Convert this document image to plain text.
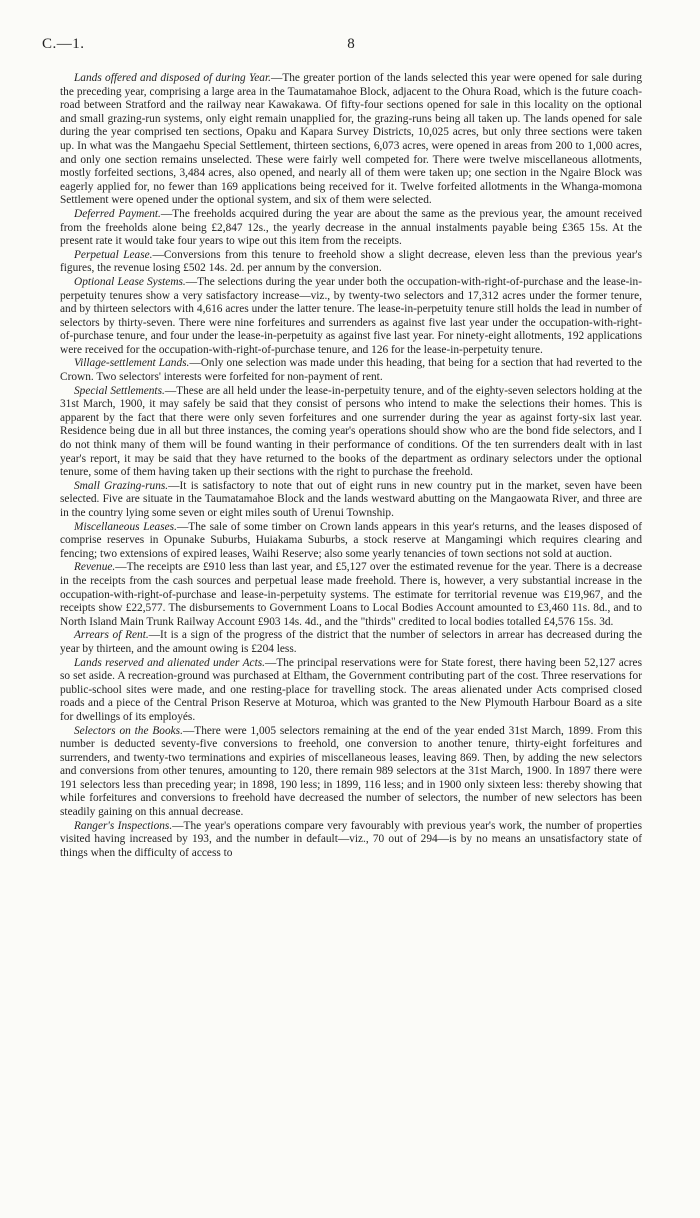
C.—1.	8

Lands offered and disposed of during Year.—The greater portion of the lands selected this year were opened for sale during the preceding year, comprising a large area in the Taumatamahoe Block, adjacent to the Ohura Road, which is the future coach-road between Stratford and the railway near Kawakawa. Of fifty-four sections opened for sale in this locality on the optional and small grazing-run systems, only eight remain unapplied for, the grazing-runs being all taken up. The lands opened for sale during the year comprised ten sections, Opaku and Kapara Survey Districts, 10,025 acres, but only three sections were taken up. In what was the Mangaehu Special Settlement, thirteen sections, 6,073 acres, were opened in areas from 200 to 1,000 acres, and only one section remains unselected. These were fairly well competed for. There were twelve miscellaneous allotments, mostly forfeited sections, 3,484 acres, also opened, and nearly all of them were taken up; one section in the Ngaire Block was eagerly applied for, no fewer than 169 applications being received for it. Twelve forfeited allotments in the Whanga-momona Settlement were opened under the optional system, and six of them were selected.

Deferred Payment.—The freeholds acquired during the year are about the same as the previous year, the amount received from the freeholds alone being £2,847 12s., the yearly decrease in the annual instalments payable being £365 15s. At the present rate it would take four years to wipe out this item from the receipts.

Perpetual Lease.—Conversions from this tenure to freehold show a slight decrease, eleven less than the previous year's figures, the revenue losing £502 14s. 2d. per annum by the conversion.

Optional Lease Systems.—The selections during the year under both the occupation-with-right-of-purchase and the lease-in-perpetuity tenures show a very satisfactory increase—viz., by twenty-two selectors and 17,312 acres under the former tenure, and by thirteen selectors with 4,616 acres under the latter tenure. The lease-in-perpetuity tenure still holds the lead in number of selectors by thirty-seven. There were nine forfeitures and surrenders as against five last year under the occupation-with-right-of-purchase tenure, and four under the lease-in-perpetuity as against five last year. For ninety-eight allotments, 192 applications were received for the occupation-with-right-of-purchase tenure, and 126 for the lease-in-perpetuity tenure.

Village-settlement Lands.—Only one selection was made under this heading, that being for a section that had reverted to the Crown. Two selectors' interests were forfeited for non-payment of rent.

Special Settlements.—These are all held under the lease-in-perpetuity tenure, and of the eighty-seven selectors holding at the 31st March, 1900, it may safely be said that they consist of persons who intend to make the selections their homes. This is apparent by the fact that there were only seven forfeitures and one surrender during the year as against forty-six last year. Residence being due in all but three instances, the coming year's operations should show who are the bond fide selectors, and I do not think many of them will be found wanting in their performance of conditions. Of the ten surrenders dealt with in last year's report, it may be said that they have returned to the books of the department as ordinary selectors under the optional tenure, some of them having taken up their sections with the right to purchase the freehold.

Small Grazing-runs.—It is satisfactory to note that out of eight runs in new country put in the market, seven have been selected. Five are situate in the Taumatamahoe Block and the lands westward abutting on the Mangaowata River, and three are in the country lying some seven or eight miles south of Urenui Township.

Miscellaneous Leases.—The sale of some timber on Crown lands appears in this year's returns, and the leases disposed of comprise reserves in Opunake Suburbs, Huiakama Suburbs, a stock reserve at Mangamingi which requires clearing and fencing; two extensions of expired leases, Waihi Reserve; also some yearly tenancies of town sections not sold at auction.

Revenue.—The receipts are £910 less than last year, and £5,127 over the estimated revenue for the year. There is a decrease in the receipts from the cash sources and perpetual lease made freehold. There is, however, a very substantial increase in the occupation-with-right-of-purchase and lease-in-perpetuity systems. The estimate for territorial revenue was £19,967, and the receipts show £22,577. The disbursements to Government Loans to Local Bodies Account amounted to £3,460 11s. 8d., and to North Island Main Trunk Railway Account £903 14s. 4d., and the "thirds" credited to local bodies totalled £4,576 15s. 3d.

Arrears of Rent.—It is a sign of the progress of the district that the number of selectors in arrear has decreased during the year by thirteen, and the amount owing is £204 less.

Lands reserved and alienated under Acts.—The principal reservations were for State forest, there having been 52,127 acres so set aside. A recreation-ground was purchased at Eltham, the Government contributing part of the cost. Three reservations for public-school sites were made, and one resting-place for travelling stock. The areas alienated under Acts comprised closed roads and a piece of the Central Prison Reserve at Moturoa, which was granted to the New Plymouth Harbour Board as a site for dwellings of its employés.

Selectors on the Books.—There were 1,005 selectors remaining at the end of the year ended 31st March, 1899. From this number is deducted seventy-five conversions to freehold, one conversion to another tenure, thirty-eight forfeitures and surrenders, and twenty-two terminations and expiries of miscellaneous leases, leaving 869. Then, by adding the new selectors and conversions from other tenures, amounting to 120, there remain 989 selectors at the 31st March, 1900. In 1897 there were 191 selectors less than preceding year; in 1898, 190 less; in 1899, 116 less; and in 1900 only sixteen less: thereby showing that while forfeitures and conversions to freehold have decreased the number of selectors, the number of new selectors has been steadily gaining on this annual decrease.

Ranger's Inspections.—The year's operations compare very favourably with previous year's work, the number of properties visited having increased by 193, and the number in default—viz., 70 out of 294—is by no means an unsatisfactory state of things when the difficulty of access to
